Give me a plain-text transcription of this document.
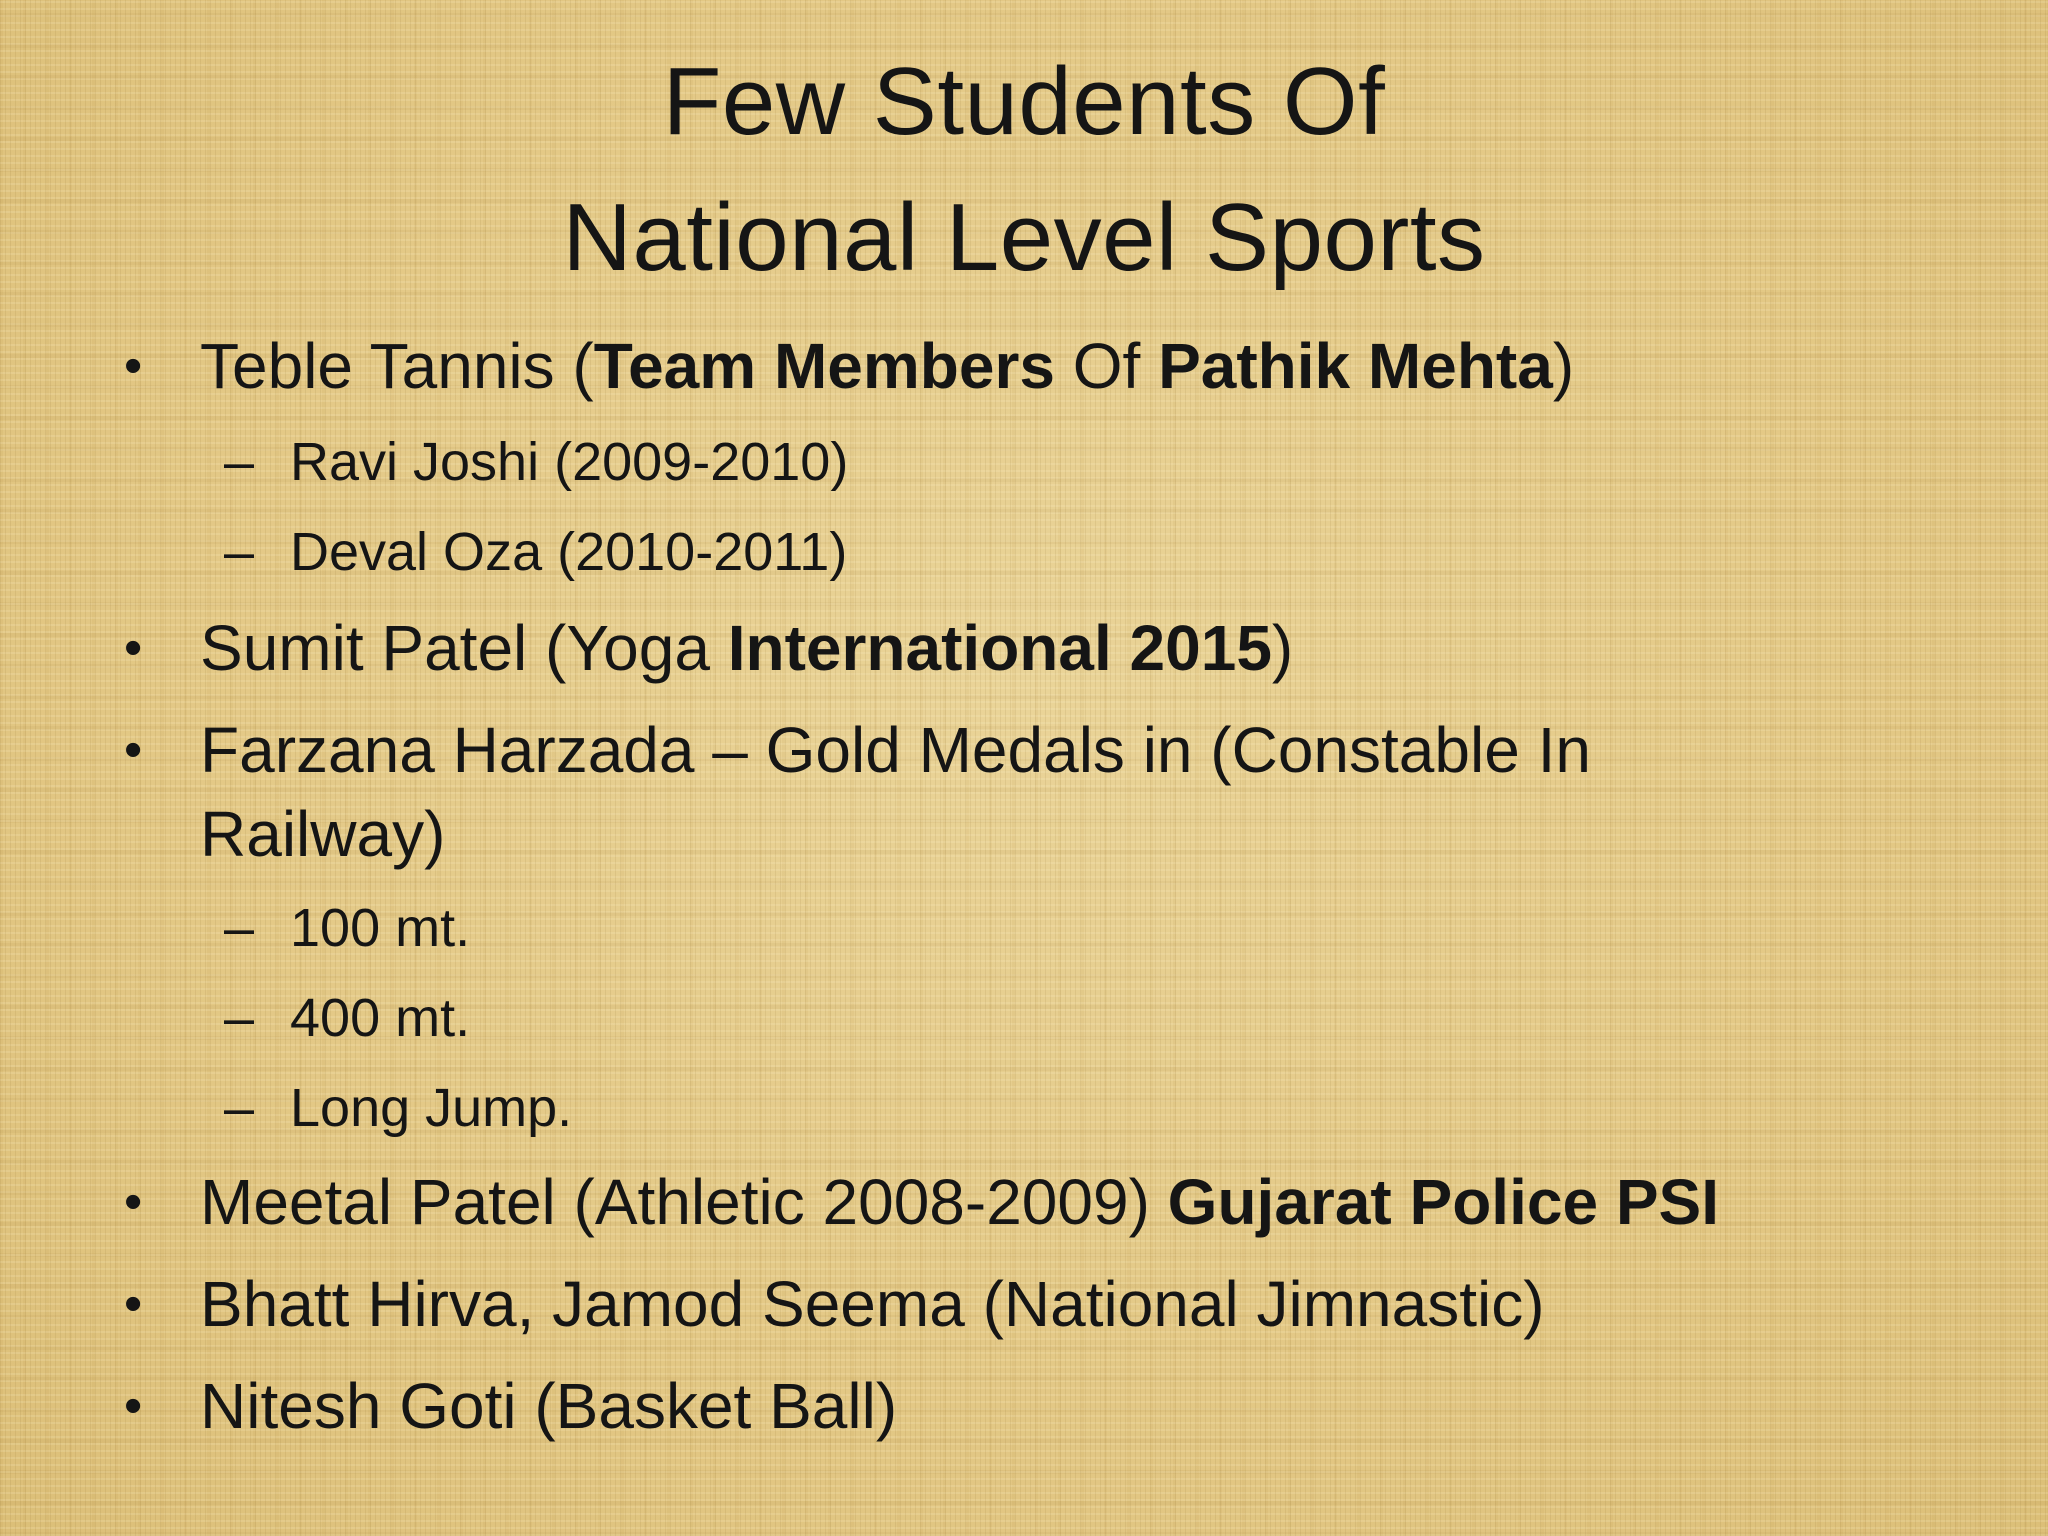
Few Students Of
National Level Sports
• Teble Tannis (Team Members Of Pathik Mehta)
– Ravi Joshi (2009-2010)
– Deval Oza (2010-2011)
• Sumit Patel (Yoga International 2015)
• Farzana Harzada – Gold Medals in (Constable In
Railway)
– 100 mt.
– 400 mt.
– Long Jump.
• Meetal Patel (Athletic 2008-2009) Gujarat Police PSI
• Bhatt Hirva, Jamod Seema (National Jimnastic)
• Nitesh Goti (Basket Ball)
